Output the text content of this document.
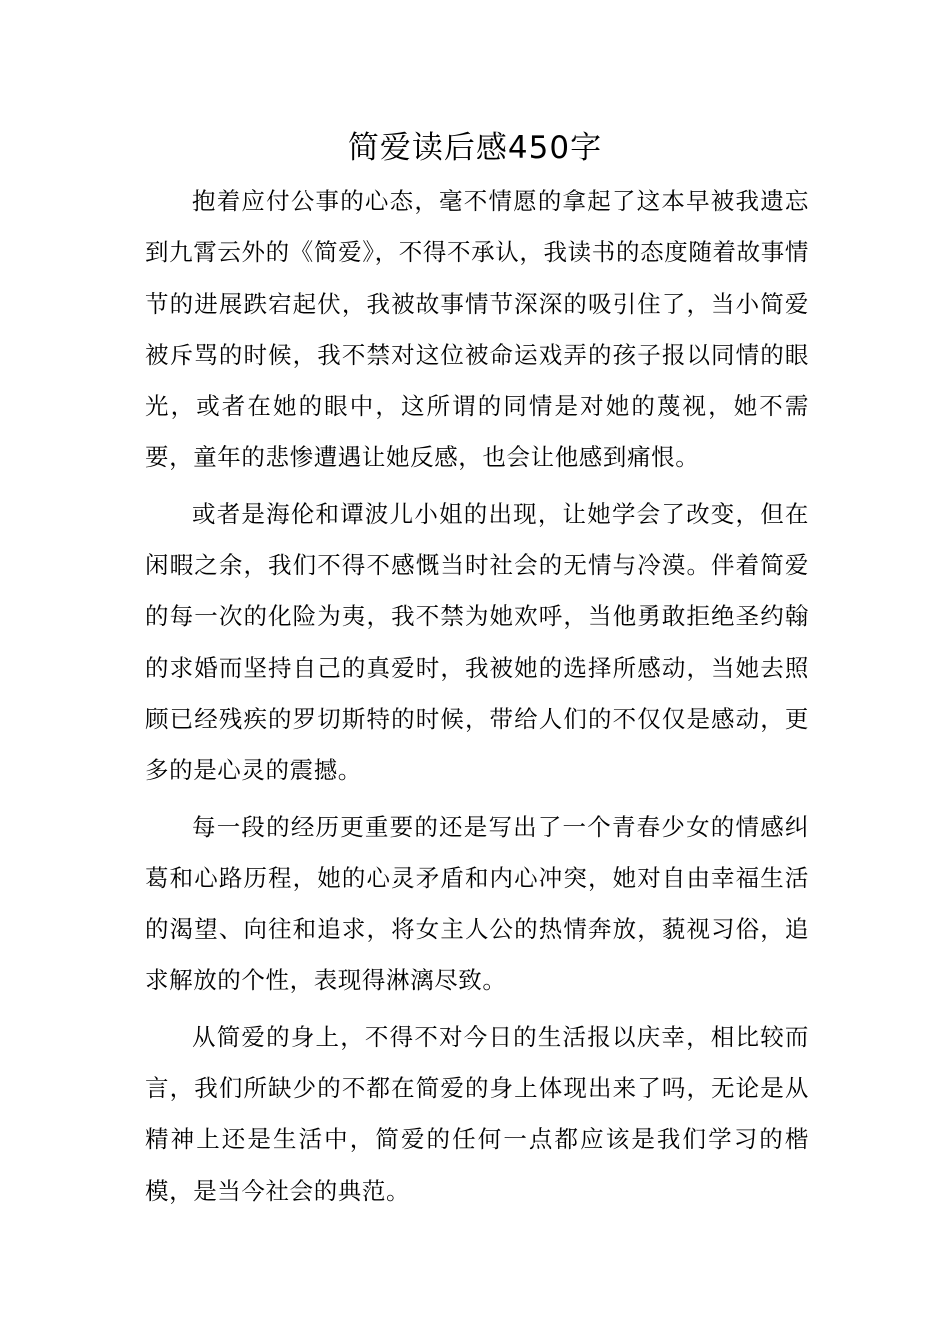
简爱读后感450字

抱着应付公事的心态，毫不情愿的拿起了这本早被我遗忘到九霄云外的《简爱》，不得不承认，我读书的态度随着故事情节的进展跌宕起伏，我被故事情节深深的吸引住了，当小简爱被斥骂的时候，我不禁对这位被命运戏弄的孩子报以同情的眼光，或者在她的眼中，这所谓的同情是对她的蔑视，她不需要，童年的悲惨遭遇让她反感，也会让他感到痛恨。

或者是海伦和谭波儿小姐的出现，让她学会了改变，但在闲暇之余，我们不得不感慨当时社会的无情与冷漠。伴着简爱的每一次的化险为夷，我不禁为她欢呼，当他勇敢拒绝圣约翰的求婚而坚持自己的真爱时，我被她的选择所感动，当她去照顾已经残疾的罗切斯特的时候，带给人们的不仅仅是感动，更多的是心灵的震撼。

每一段的经历更重要的还是写出了一个青春少女的情感纠葛和心路历程，她的心灵矛盾和内心冲突，她对自由幸福生活的渴望、向往和追求，将女主人公的热情奔放，藐视习俗，追求解放的个性，表现得淋漓尽致。

从简爱的身上，不得不对今日的生活报以庆幸，相比较而言，我们所缺少的不都在简爱的身上体现出来了吗，无论是从精神上还是生活中，简爱的任何一点都应该是我们学习的楷模，是当今社会的典范。
